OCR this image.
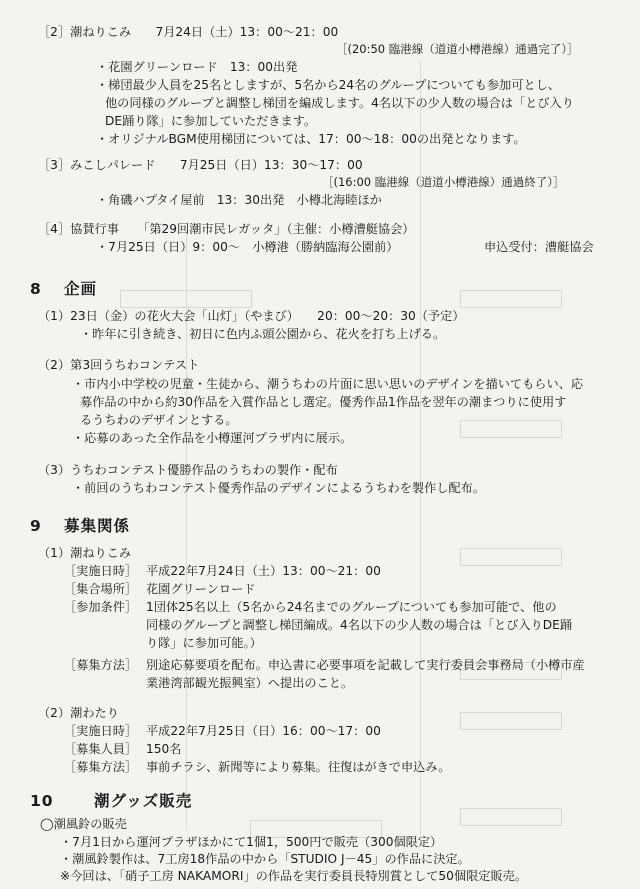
［2］潮ねりこみ　　7月24日（土）13：00〜21：00
［(20:50 臨港線（道道小樽港線）通過完了）］
・花園グリーンロード　13：00出発
・梯団最少人員を25名としますが、5名から24名のグループについても参加可とし、
他の同様のグループと調整し梯団を編成します。4名以下の少人数の場合は「とび入り
DE踊り隊」に参加していただきます。
・オリジナルBGM使用梯団については、17：00〜18：00の出発となります。
［3］みこしパレード　　7月25日（日）13：30〜17：00
［(16:00 臨港線（道道小樽港線）通過終了）］
・角磯ハプタイ屋前　13：30出発　小樽北海睦ほか
［4］協賛行事　　「第29回潮市民レガッタ」（主催：小樽漕艇協会）
・7月25日（日）9：00〜　小樽港（勝納臨海公園前）	申込受付：漕艇協会
8 企画
（1）23日（金）の花火大会「山灯」（やまび）　　20：00〜20：30（予定）
・昨年に引き続き、初日に色内ふ頭公園から、花火を打ち上げる。
（2）第3回うちわコンテスト
・市内小中学校の児童・生徒から、潮うちわの片面に思い思いのデザインを描いてもらい、応
募作品の中から約30作品を入賞作品とし選定。優秀作品1作品を翌年の潮まつりに使用す
るうちわのデザインとする。
・応募のあった全作品を小樽運河プラザ内に展示。
（3）うちわコンテスト優勝作品のうちわの製作・配布
・前回のうちわコンテスト優秀作品のデザインによるうちわを製作し配布。
9 募集関係
（1）潮ねりこみ
［実施日時］ 平成22年7月24日（土）13：00〜21：00
［集合場所］ 花園グリーンロード
［参加条件］ 1団体25名以上（5名から24名までのグループについても参加可能で、他の
同様のグループと調整し梯団編成。4名以下の少人数の場合は「とび入りDE踊
り隊」に参加可能。）
［募集方法］ 別途応募要項を配布。申込書に必要事項を記載して実行委員会事務局（小樽市産
業港湾部観光振興室）へ提出のこと。
（2）潮わたり
［実施日時］ 平成22年7月25日（日）16：00〜17：00
［募集人員］ 150名
［募集方法］ 事前チラシ、新聞等により募集。往復はがきで申込み。
10	潮グッズ販売
◯潮風鈴の販売
・7月1日から運河プラザほかにて1個1，500円で販売（300個限定）
・潮風鈴製作は、7工房18作品の中から「STUDIO J－45」の作品に決定。
※今回は、「硝子工房 NAKAMORI」の作品を実行委員長特別賞として50個限定販売。
